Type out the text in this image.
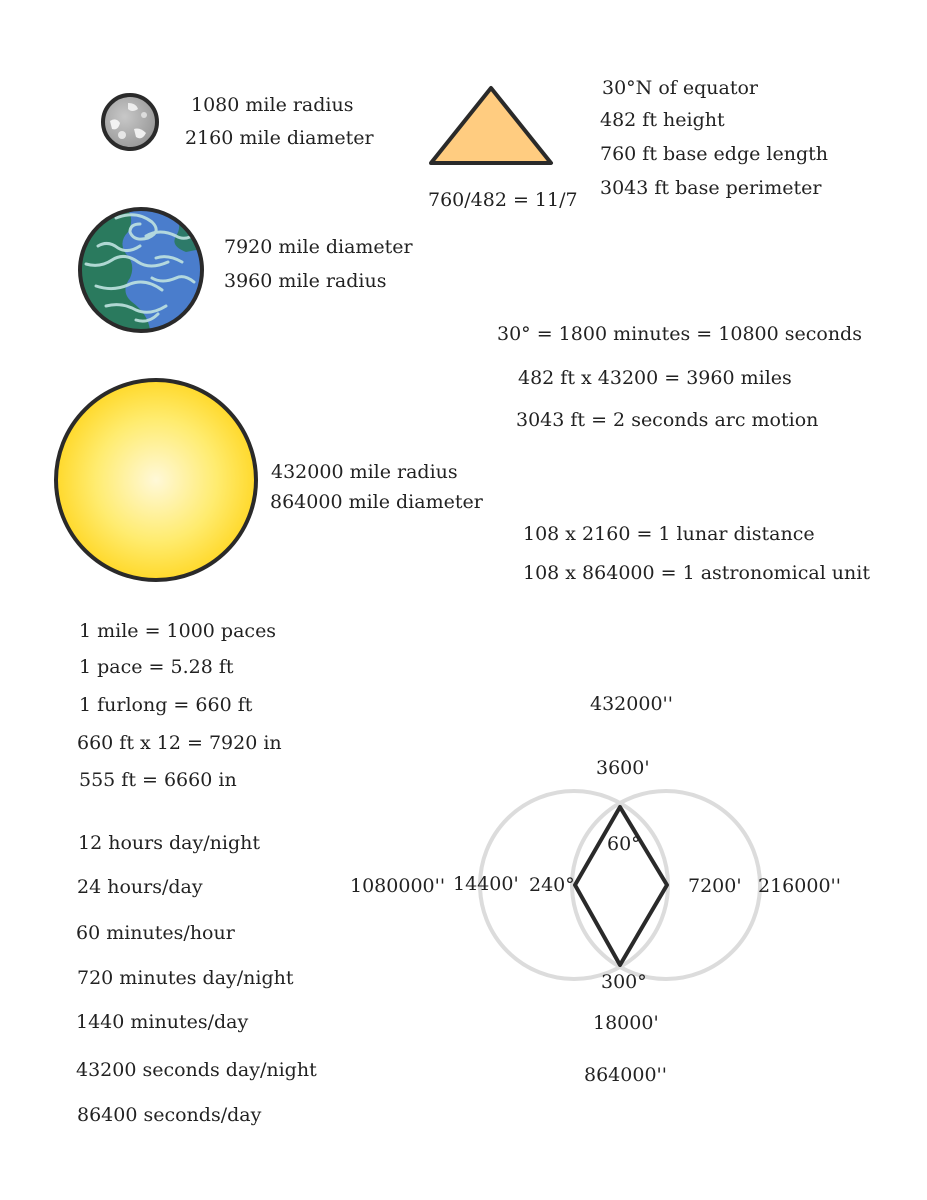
1080 mile radius
2160 mile diameter
760/482 = 11/7
30°N of equator
482 ft height
760 ft base edge length
3043 ft base perimeter
7920 mile diameter
3960 mile radius
30° = 1800 minutes = 10800 seconds
482 ft x 43200 = 3960 miles
3043 ft = 2 seconds arc motion
432000 mile radius
864000 mile diameter
108 x 2160 = 1 lunar distance
108 x 864000 = 1 astronomical unit
1 mile = 1000 paces
1 pace = 5.28 ft
1 furlong = 660 ft
660 ft x 12 = 7920 in
555 ft = 6660 in
12 hours day/night
24 hours/day
60 minutes/hour
720 minutes day/night
1440 minutes/day
43200 seconds day/night
86400 seconds/day
432000''
3600'
60°
1080000'' 14400' 240°	7200' 216000''
300°
18000'
864000''
